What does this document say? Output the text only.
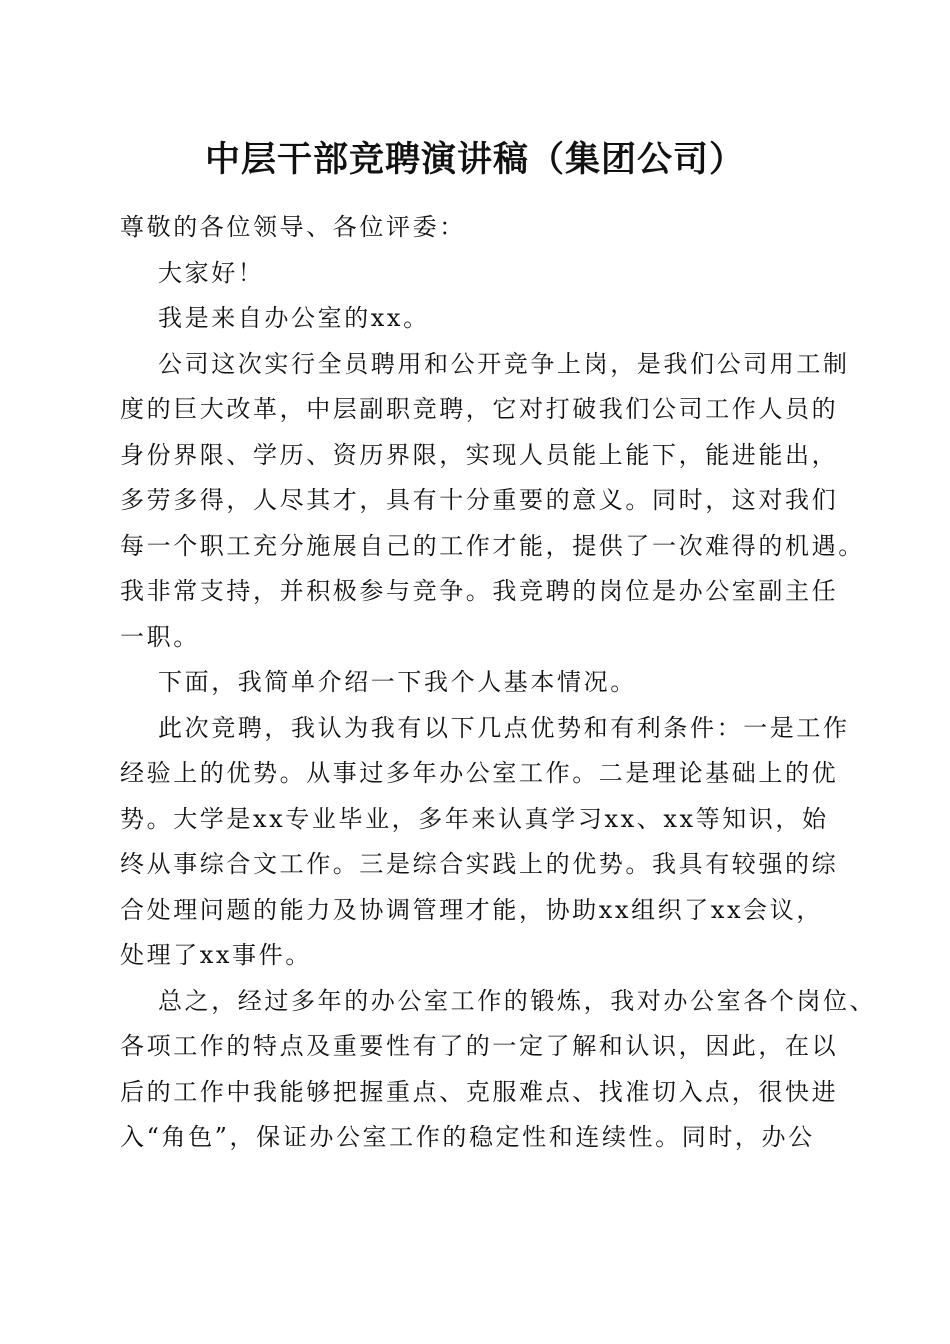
中层干部竞聘演讲稿（集团公司）
尊敬的各位领导、各位评委：
大家好！
我是来自办公室的xx。
公司这次实行全员聘用和公开竞争上岗，是我们公司用工制
度的巨大改革，中层副职竞聘，它对打破我们公司工作人员的
身份界限、学历、资历界限，实现人员能上能下，能进能出，
多劳多得，人尽其才，具有十分重要的意义。同时，这对我们
每一个职工充分施展自己的工作才能，提供了一次难得的机遇。
我非常支持，并积极参与竞争。我竞聘的岗位是办公室副主任
一职。
下面，我简单介绍一下我个人基本情况。
此次竞聘，我认为我有以下几点优势和有利条件：一是工作
经验上的优势。从事过多年办公室工作。二是理论基础上的优
势。大学是xx专业毕业，多年来认真学习xx、xx等知识，始
终从事综合文工作。三是综合实践上的优势。我具有较强的综
合处理问题的能力及协调管理才能，协助xx组织了xx会议，
处理了xx事件。
总之，经过多年的办公室工作的锻炼，我对办公室各个岗位、
各项工作的特点及重要性有了的一定了解和认识，因此，在以
后的工作中我能够把握重点、克服难点、找准切入点，很快进
入“角色”，保证办公室工作的稳定性和连续性。同时，办公
